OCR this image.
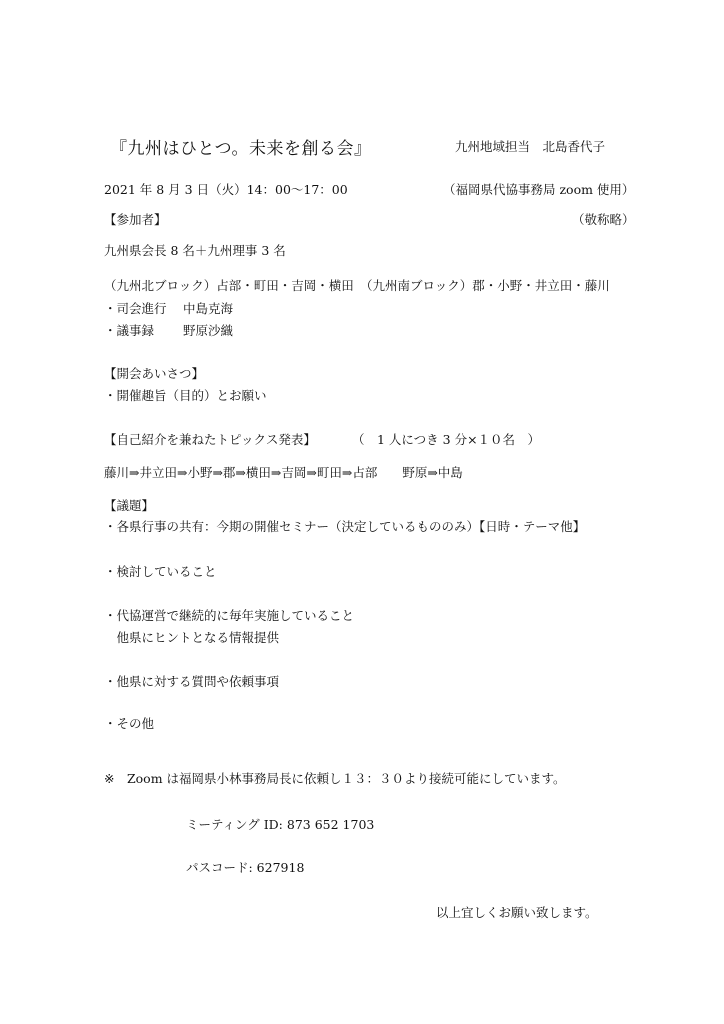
『九州はひとつ。未来を創る会』	九州地域担当　北島香代子
2021 年 8 月 3 日（火）14：00〜17：00	（福岡県代協事務局 zoom 使用）
【参加者】	（敬称略）
九州県会長 8 名＋九州理事 3 名
（九州北ブロック）占部・町田・吉岡・横田　（九州南ブロック）郡・小野・井立田・藤川
・司会進行　 中島克海
・議事録　　 野原沙織
【開会あいさつ】
・開催趣旨（目的）とお願い
【自己紹介を兼ねたトピックス発表】	（　1 人につき 3 分×１０名　）
藤川⇒井立田⇒小野⇒郡⇒横田⇒吉岡⇒町田⇒占部　　野原⇒中島
【議題】
・各県行事の共有：今期の開催セミナー（決定しているもののみ）【日時・テーマ他】
・検討していること
・代協運営で継続的に毎年実施していること
　他県にヒントとなる情報提供
・他県に対する質問や依頼事項
・その他
※　Zoom は福岡県小林事務局長に依頼し１３：３０より接続可能にしています。
ミーティング ID: 873 652 1703
パスコード: 627918
以上宜しくお願い致します。
